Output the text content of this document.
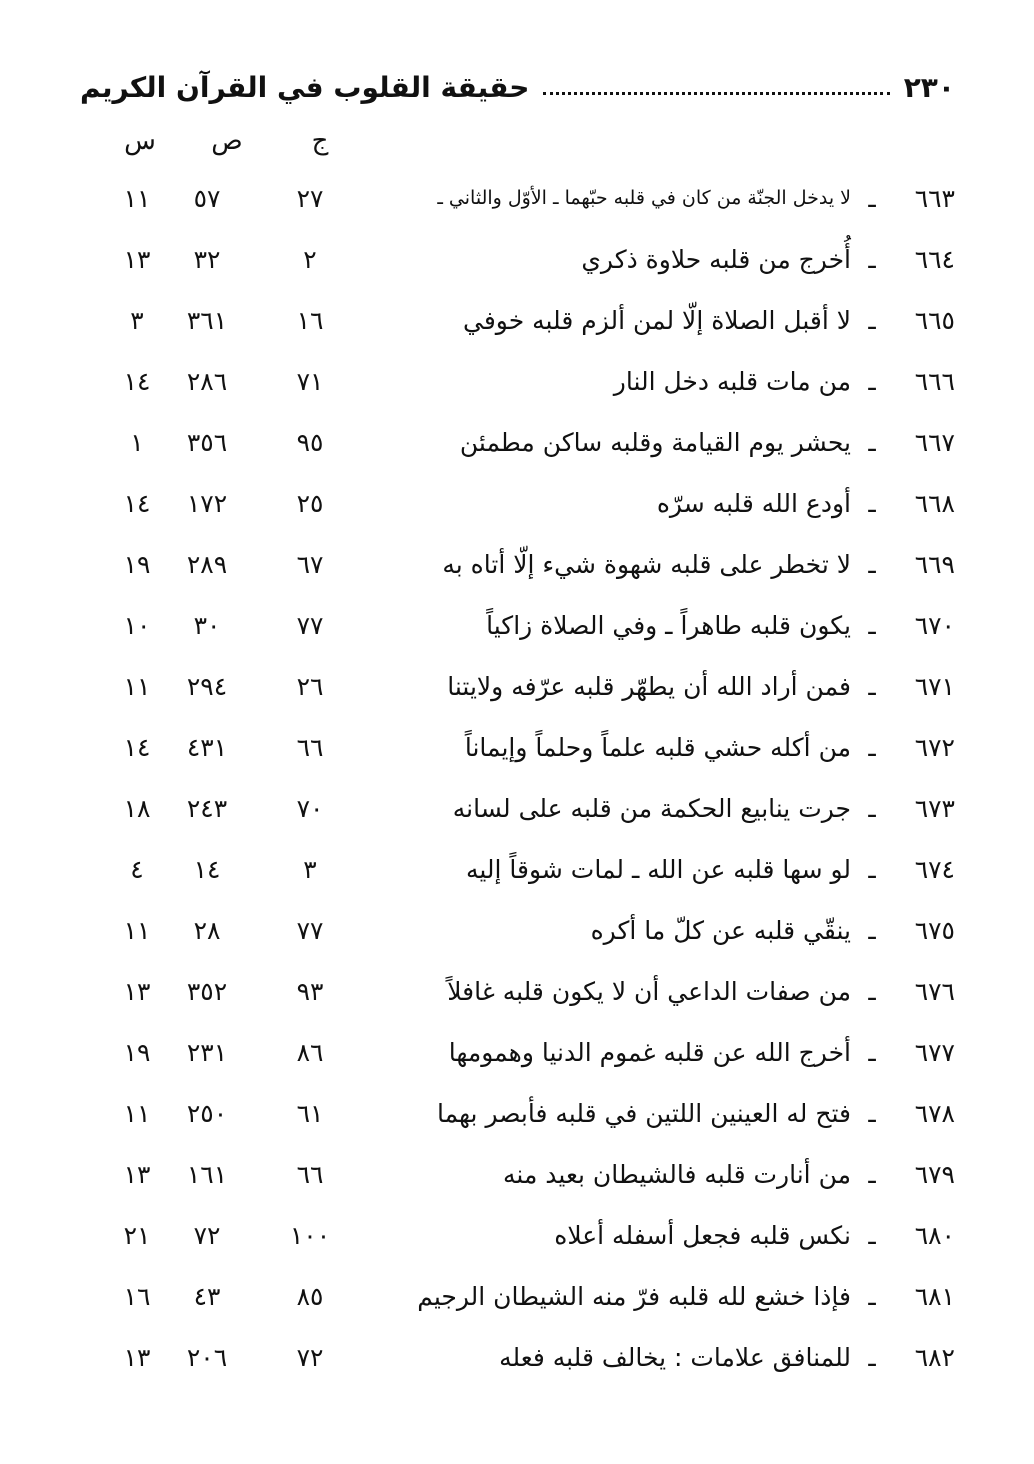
٢٣٠
حقيقة القلوب في القرآن الكريم
ج
ص
س
٦٦٣
ـ
لا يدخل الجنّة من كان في قلبه حبّهما ـ الأوّل والثاني ـ
٢٧
٥٧
١١
٦٦٤
ـ
أُخرج من قلبه حلاوة ذكري
٢
٣٢
١٣
٦٦٥
ـ
لا أقبل الصلاة إلّا لمن ألزم قلبه خوفي
١٦
٣٦١
٣
٦٦٦
ـ
من مات قلبه دخل النار
٧١
٢٨٦
١٤
٦٦٧
ـ
يحشر يوم القيامة وقلبه ساكن مطمئن
٩٥
٣٥٦
١
٦٦٨
ـ
أودع الله قلبه سرّه
٢٥
١٧٢
١٤
٦٦٩
ـ
لا تخطر على قلبه شهوة شيء إلّا أتاه به
٦٧
٢٨٩
١٩
٦٧٠
ـ
يكون قلبه طاهراً ـ وفي الصلاة زاكياً
٧٧
٣٠
١٠
٦٧١
ـ
فمن أراد الله أن يطهّر قلبه عرّفه ولايتنا
٢٦
٢٩٤
١١
٦٧٢
ـ
من أكله حشي قلبه علماً وحلماً وإيماناً
٦٦
٤٣١
١٤
٦٧٣
ـ
جرت ينابيع الحكمة من قلبه على لسانه
٧٠
٢٤٣
١٨
٦٧٤
ـ
لو سها قلبه عن الله ـ لمات شوقاً إليه
٣
١٤
٤
٦٧٥
ـ
ينقّي قلبه عن كلّ ما أكره
٧٧
٢٨
١١
٦٧٦
ـ
من صفات الداعي أن لا يكون قلبه غافلاً
٩٣
٣٥٢
١٣
٦٧٧
ـ
أخرج الله عن قلبه غموم الدنيا وهمومها
٨٦
٢٣١
١٩
٦٧٨
ـ
فتح له العينين اللتين في قلبه فأبصر بهما
٦١
٢٥٠
١١
٦٧٩
ـ
من أنارت قلبه فالشيطان بعيد منه
٦٦
١٦١
١٣
٦٨٠
ـ
نكس قلبه فجعل أسفله أعلاه
١٠٠
٧٢
٢١
٦٨١
ـ
فإذا خشع لله قلبه فرّ منه الشيطان الرجيم
٨٥
٤٣
١٦
٦٨٢
ـ
للمنافق علامات : يخالف قلبه فعله
٧٢
٢٠٦
١٣
